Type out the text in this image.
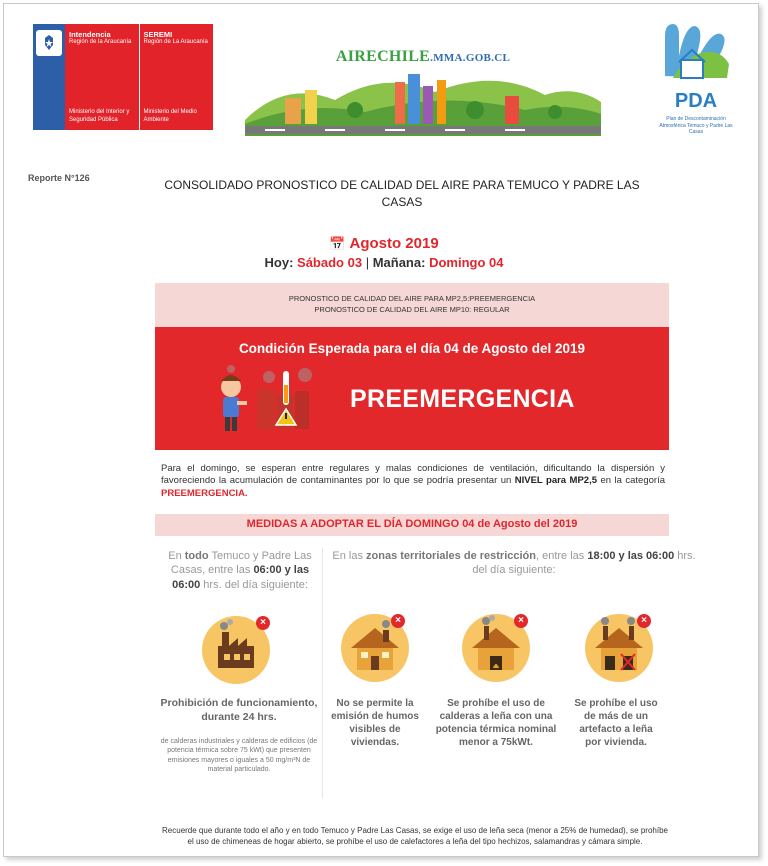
Intendencia
Región de la Araucanía
Ministerio del Interior y Seguridad Pública
SEREMI
Región de La Araucanía
Ministerio del Medio Ambiente
AIRECHILE.MMA.GOB.CL
PDA
Plan de Descontaminación Atmosférica Temuco y Padre Las Casas
Reporte N°126	CONSOLIDADO PRONOSTICO DE CALIDAD DEL AIRE PARA TEMUCO Y PADRE LAS CASAS
📅 Agosto 2019
Hoy: Sábado 03 | Mañana: Domingo 04
PRONOSTICO DE CALIDAD DEL AIRE PARA MP2,5:PREEMERGENCIA
PRONOSTICO DE CALIDAD DEL AIRE MP10: REGULAR
Condición Esperada para el día 04 de Agosto del 2019
PREEMERGENCIA
Para el domingo, se esperan entre regulares y malas condiciones de ventilación, dificultando la dispersión y favoreciendo la acumulación de contaminantes por lo que se podría presentar un NIVEL para MP2,5 en la categoría PREEMERGENCIA.
MEDIDAS A ADOPTAR EL DÍA DOMINGO 04 de Agosto del 2019
En todo Temuco y Padre Las Casas, entre las 06:00 y las 06:00 hrs. del día siguiente:
En las zonas territoriales de restricción, entre las 18:00 y las 06:00 hrs. del día siguiente:
×	×	×	×
Prohibición de funcionamiento, durante 24 hrs.
de calderas industriales y calderas de edificios (de potencia térmica sobre 75 kWt) que presenten emisiones mayores o iguales a 50 mg/m³N de material particulado.
No se permite la emisión de humos visibles de viviendas.
Se prohíbe el uso de calderas a leña con una potencia térmica nominal menor a 75kWt.
Se prohíbe el uso de más de un artefacto a leña por vivienda.
Recuerde que durante todo el año y en todo Temuco y Padre Las Casas, se exige el uso de leña seca (menor a 25% de humedad), se prohíbe el uso de chimeneas de hogar abierto, se prohíbe el uso de calefactores a leña del tipo hechizos, salamandras y cámara simple.
